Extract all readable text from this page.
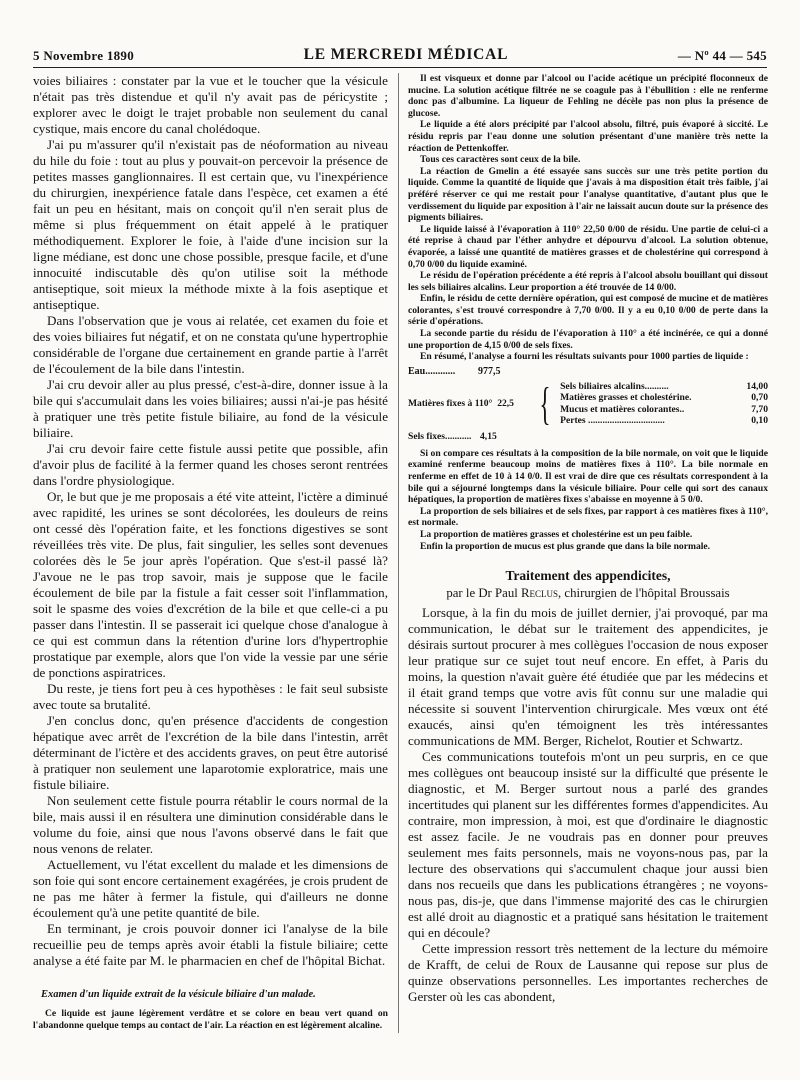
5 Novembre 1890	LE MERCREDI MÉDICAL	— Nº 44 — 545

voies biliaires : constater par la vue et le toucher que la vésicule n'était pas très distendue et qu'il n'y avait pas de péricystite ; explorer avec le doigt le trajet probable non seulement du canal cystique, mais encore du canal cholédoque.

J'ai pu m'assurer qu'il n'existait pas de néoformation au niveau du hile du foie : tout au plus y pouvait-on percevoir la présence de petites masses ganglionnaires. Il est certain que, vu l'inexpérience du chirurgien, inexpérience fatale dans l'espèce, cet examen a été fait un peu en hésitant, mais on conçoit qu'il n'en serait plus de même si plus fréquemment on était appelé à le pratiquer méthodiquement. Explorer le foie, à l'aide d'une incision sur la ligne médiane, est donc une chose possible, presque facile, et d'une innocuité indiscutable dès qu'on utilise soit la méthode antiseptique, soit mieux la méthode mixte à la fois aseptique et antiseptique.

Dans l'observation que je vous ai relatée, cet examen du foie et des voies biliaires fut négatif, et on ne constata qu'une hypertrophie considérable de l'organe due certainement en grande partie à l'arrêt de l'écoulement de la bile dans l'intestin.

J'ai cru devoir aller au plus pressé, c'est-à-dire, donner issue à la bile qui s'accumulait dans les voies biliaires; aussi n'ai-je pas hésité à pratiquer une très petite fistule biliaire, au fond de la vésicule biliaire.

J'ai cru devoir faire cette fistule aussi petite que possible, afin d'avoir plus de facilité à la fermer quand les choses seront rentrées dans l'ordre physiologique.

Or, le but que je me proposais a été vite atteint, l'ictère a diminué avec rapidité, les urines se sont décolorées, les douleurs de reins ont cessé dès l'opération faite, et les fonctions digestives se sont réveillées très vite. De plus, fait singulier, les selles sont devenues colorées dès le 5e jour après l'opération. Que s'est-il passé là? J'avoue ne le pas trop savoir, mais je suppose que le facile écoulement de bile par la fistule a fait cesser soit l'inflammation, soit le spasme des voies d'excrétion de la bile et que celle-ci a pu passer dans l'intestin. Il se passerait ici quelque chose d'analogue à ce qui est commun dans la rétention d'urine lors d'hypertrophie prostatique par exemple, alors que l'on vide la vessie par une série de ponctions aspiratrices.

Du reste, je tiens fort peu à ces hypothèses : le fait seul subsiste avec toute sa brutalité.

J'en conclus donc, qu'en présence d'accidents de congestion hépatique avec arrêt de l'excrétion de la bile dans l'intestin, arrêt déterminant de l'ictère et des accidents graves, on peut être autorisé à pratiquer non seulement une laparotomie exploratrice, mais une fistule biliaire.

Non seulement cette fistule pourra rétablir le cours normal de la bile, mais aussi il en résultera une diminution considérable dans le volume du foie, ainsi que nous l'avons observé dans le fait que nous venons de relater.

Actuellement, vu l'état excellent du malade et les dimensions de son foie qui sont encore certainement exagérées, je crois prudent de ne pas me hâter à fermer la fistule, qui d'ailleurs ne donne écoulement qu'à une petite quantité de bile.

En terminant, je crois pouvoir donner ici l'analyse de la bile recueillie peu de temps après avoir établi la fistule biliaire; cette analyse a été faite par M. le pharmacien en chef de l'hôpital Bichat.

Examen d'un liquide extrait de la vésicule biliaire d'un malade.

Ce liquide est jaune légèrement verdâtre et se colore en beau vert quand on l'abandonne quelque temps au contact de l'air. La réaction en est légèrement alcaline.

Il est visqueux et donne par l'alcool ou l'acide acétique un précipité floconneux de mucine. La solution acétique filtrée ne se coagule pas à l'ébullition : elle ne renferme donc pas d'albumine. La liqueur de Fehling ne décèle pas non plus la présence de glucose.

Le liquide a été alors précipité par l'alcool absolu, filtré, puis évaporé à siccité. Le résidu repris par l'eau donne une solution présentant d'une manière très nette la réaction de Pettenkoffer.

Tous ces caractères sont ceux de la bile.

La réaction de Gmelin a été essayée sans succès sur une très petite portion du liquide. Comme la quantité de liquide que j'avais à ma disposition était très faible, j'ai préféré réserver ce qui me restait pour l'analyse quantitative, d'autant plus que le verdissement du liquide par exposition à l'air ne laissait aucun doute sur la présence des pigments biliaires.

Le liquide laissé à l'évaporation à 110° 22,50 0/00 de résidu. Une partie de celui-ci a été reprise à chaud par l'éther anhydre et dépourvu d'alcool. La solution obtenue, évaporée, a laissé une quantité de matières grasses et de cholestérine qui correspond à 0,70 0/00 du liquide examiné.

Le résidu de l'opération précédente a été repris à l'alcool absolu bouillant qui dissout les sels biliaires alcalins. Leur proportion a été trouvée de 14 0/00.

Enfin, le résidu de cette dernière opération, qui est composé de mucine et de matières colorantes, s'est trouvé correspondre à 7,70 0/00. Il y a eu 0,10 0/00 de perte dans la série d'opérations.

La seconde partie du résidu de l'évaporation à 110° a été incinérée, ce qui a donné une proportion de 4,15 0/00 de sels fixes.

En résumé, l'analyse a fourni les résultats suivants pour 1000 parties de liquide :

Eau............	977,5
Matières fixes à 110° 22,5 { Sels biliaires alcalins..........	14,00
Matières grasses et cholestérine.	0,70
Mucus et matières colorantes..	7,70
Pertes ................................	0,10
Sels fixes........... 4,15

Si on compare ces résultats à la composition de la bile normale, on voit que le liquide examiné renferme beaucoup moins de matières fixes à 110°. La bile normale en renferme en effet de 10 à 14 0/0. Il est vrai de dire que ces résultats correspondent à la bile qui a séjourné longtemps dans la vésicule biliaire. Pour celle qui sort des canaux hépatiques, la proportion de matières fixes s'abaisse en moyenne à 5 0/0.

La proportion de sels biliaires et de sels fixes, par rapport à ces matières fixes à 110°, est normale.

La proportion de matières grasses et cholestérine est un peu faible.

Enfin la proportion de mucus est plus grande que dans la bile normale.

Traitement des appendicites,
par le Dr Paul Reclus, chirurgien de l'hôpital Broussais

Lorsque, à la fin du mois de juillet dernier, j'ai provoqué, par ma communication, le débat sur le traitement des appendicites, je désirais surtout procurer à mes collègues l'occasion de nous exposer leur pratique sur ce sujet tout neuf encore. En effet, à Paris du moins, la question n'avait guère été étudiée que par les médecins et il était grand temps que votre avis fût connu sur une maladie qui nécessite si souvent l'intervention chirurgicale. Mes vœux ont été exaucés, ainsi qu'en témoignent les très intéressantes communications de MM. Berger, Richelot, Routier et Schwartz.

Ces communications toutefois m'ont un peu surpris, en ce que mes collègues ont beaucoup insisté sur la difficulté que présente le diagnostic, et M. Berger surtout nous a parlé des grandes incertitudes qui planent sur les différentes formes d'appendicites. Au contraire, mon impression, à moi, est que d'ordinaire le diagnostic est assez facile. Je ne voudrais pas en donner pour preuves seulement mes faits personnels, mais ne voyons-nous pas, par la lecture des observations qui s'accumulent chaque jour aussi bien dans nos recueils que dans les publications étrangères ; ne voyons-nous pas, dis-je, que dans l'immense majorité des cas le chirurgien est allé droit au diagnostic et a pratiqué sans hésitation le traitement qui en découle?

Cette impression ressort très nettement de la lecture du mémoire de Krafft, de celui de Roux de Lausanne qui repose sur plus de quinze observations personnelles. Les importantes recherches de Gerster où les cas abondent,
